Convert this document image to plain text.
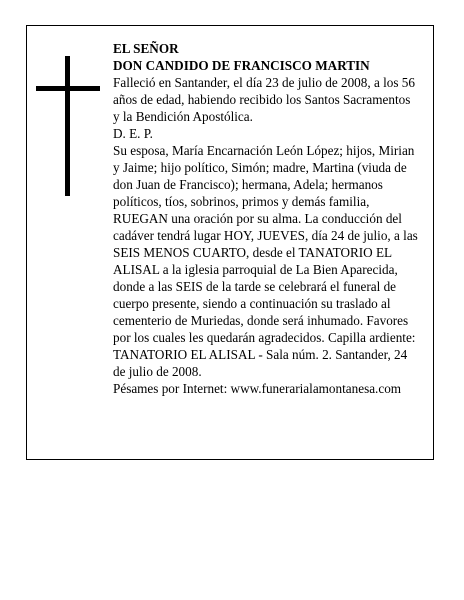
EL SEÑOR

DON CANDIDO DE FRANCISCO MARTIN

Falleció en Santander, el día 23 de julio de 2008, a los 56 años de edad, habiendo recibido los Santos Sacramentos y la Bendición Apostólica.

D. E. P.

Su esposa, María Encarnación León López; hijos, Mirian y Jaime; hijo político, Simón; madre, Martina (viuda de don Juan de Francisco); hermana, Adela; hermanos políticos, tíos, sobrinos, primos y demás familia,

RUEGAN una oración por su alma. La conducción del cadáver tendrá lugar HOY, JUEVES, día 24 de julio, a las SEIS MENOS CUARTO, desde el TANATORIO EL ALISAL a la iglesia parroquial de La Bien Aparecida, donde a las SEIS de la tarde se celebrará el funeral de cuerpo presente, siendo a continuación su traslado al cementerio de Muriedas, donde será inhumado. Favores por los cuales les quedarán agradecidos. Capilla ardiente: TANATORIO EL ALISAL - Sala núm. 2. Santander, 24 de julio de 2008.

Pésames por Internet: www.funerarialamontanesa.com
